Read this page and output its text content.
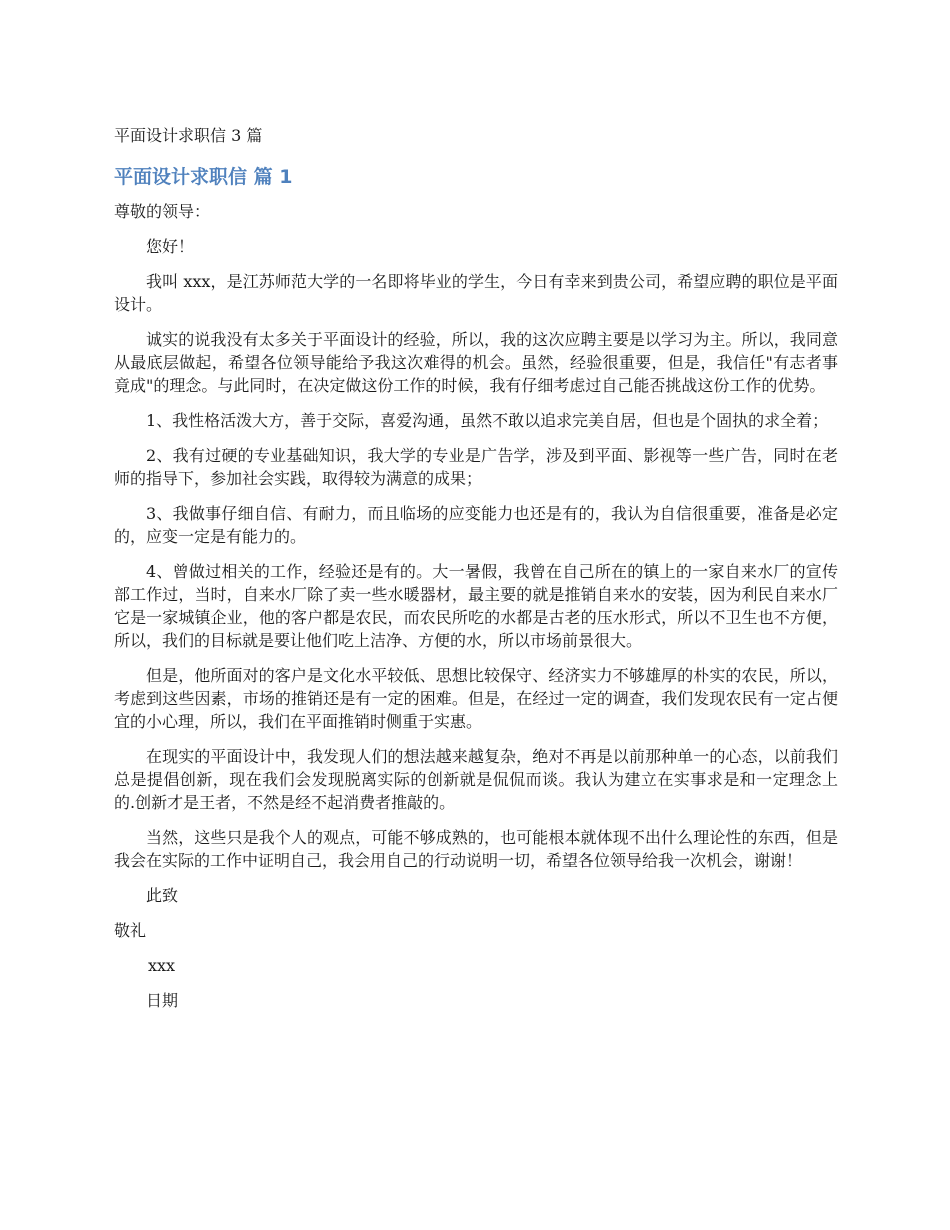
平面设计求职信 3 篇
平面设计求职信 篇 1

尊敬的领导：

您好！

我叫 xxx，是江苏师范大学的一名即将毕业的学生，今日有幸来到贵公司，希望应聘的职位是平面设计。

诚实的说我没有太多关于平面设计的经验，所以，我的这次应聘主要是以学习为主。所以，我同意从最底层做起，希望各位领导能给予我这次难得的机会。虽然，经验很重要，但是，我信任"有志者事竟成"的理念。与此同时，在决定做这份工作的时候，我有仔细考虑过自己能否挑战这份工作的优势。

1、我性格活泼大方，善于交际，喜爱沟通，虽然不敢以追求完美自居，但也是个固执的求全着；

2、我有过硬的专业基础知识，我大学的专业是广告学，涉及到平面、影视等一些广告，同时在老师的指导下，参加社会实践，取得较为满意的成果；

3、我做事仔细自信、有耐力，而且临场的应变能力也还是有的，我认为自信很重要，准备是必定的，应变一定是有能力的。

4、曾做过相关的工作，经验还是有的。大一暑假，我曾在自己所在的镇上的一家自来水厂的宣传部工作过，当时，自来水厂除了卖一些水暖器材，最主要的就是推销自来水的安装，因为利民自来水厂它是一家城镇企业，他的客户都是农民，而农民所吃的水都是古老的压水形式，所以不卫生也不方便，所以，我们的目标就是要让他们吃上洁净、方便的水，所以市场前景很大。

但是，他所面对的客户是文化水平较低、思想比较保守、经济实力不够雄厚的朴实的农民，所以，考虑到这些因素，市场的推销还是有一定的困难。但是，在经过一定的调查，我们发现农民有一定占便宜的小心理，所以，我们在平面推销时侧重于实惠。

在现实的平面设计中，我发现人们的想法越来越复杂，绝对不再是以前那种单一的心态，以前我们总是提倡创新，现在我们会发现脱离实际的创新就是侃侃而谈。我认为建立在实事求是和一定理念上的.创新才是王者，不然是经不起消费者推敲的。

当然，这些只是我个人的观点，可能不够成熟的，也可能根本就体现不出什么理论性的东西，但是我会在实际的工作中证明自己，我会用自己的行动说明一切，希望各位领导给我一次机会，谢谢！

此致

敬礼

xxx

日期
